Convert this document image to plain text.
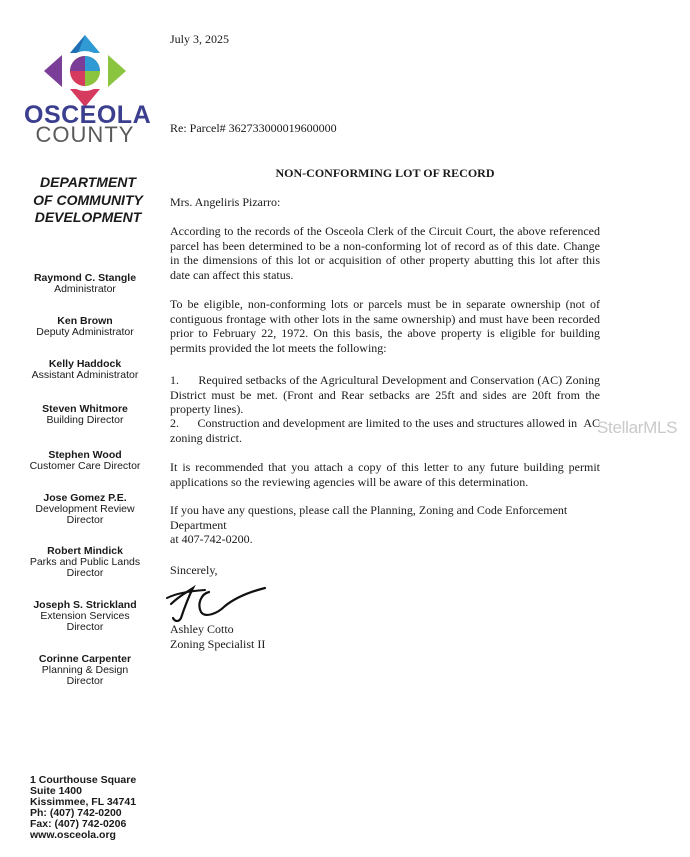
OSCEOLA
COUNTY
DEPARTMENT
OF COMMUNITY
DEVELOPMENT
Raymond C. Stangle
Administrator
Ken Brown
Deputy Administrator
Kelly Haddock
Assistant Administrator
Steven Whitmore
Building Director
Stephen Wood
Customer Care Director
Jose Gomez P.E.
Development Review
Director
Robert Mindick
Parks and Public Lands
Director
Joseph S. Strickland
Extension Services
Director
Corinne Carpenter
Planning & Design
Director
1 Courthouse Square
Suite 1400
Kissimmee, FL 34741
Ph: (407) 742-0200
Fax: (407) 742-0206
www.osceola.org

July 3, 2025

Re: Parcel# 362733000019600000

NON-CONFORMING LOT OF RECORD

Mrs. Angeliris Pizarro:

According to the records of the Osceola Clerk of the Circuit Court, the above referenced parcel has been determined to be a non-conforming lot of record as of this date. Change in the dimensions of this lot or acquisition of other property abutting this lot after this date can affect this status.

To be eligible, non-conforming lots or parcels must be in separate ownership (not of contiguous frontage with other lots in the same ownership) and must have been recorded prior to February 22, 1972. On this basis, the above property is eligible for building permits provided the lot meets the following:

1.      Required setbacks of the Agricultural Development and Conservation (AC) Zoning District must be met. (Front and Rear setbacks are 25ft and sides are 20ft from the property lines).

2.      Construction and development are limited to the uses and structures allowed in  AC zoning district.

It is recommended that you attach a copy of this letter to any future building permit applications so the reviewing agencies will be aware of this determination.

If you have any questions, please call the Planning, Zoning and Code Enforcement Department
at 407-742-0200.

Sincerely,

Ashley Cotto
Zoning Specialist II

StellarMLS
